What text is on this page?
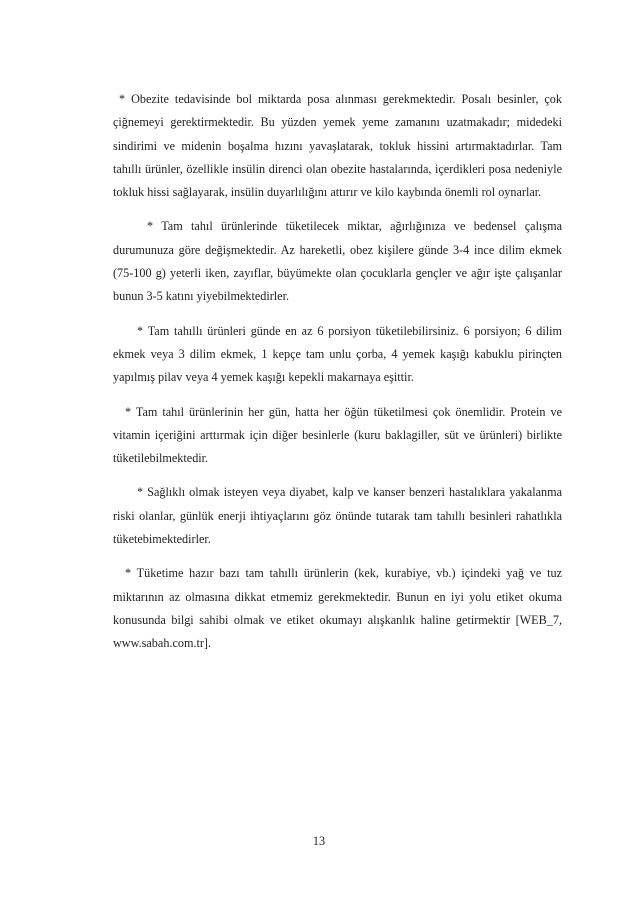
* Obezite tedavisinde bol miktarda posa alınması gerekmektedir. Posalı besinler, çok çiğnemeyi gerektirmektedir. Bu yüzden yemek yeme zamanını uzatmakadır; midedeki sindirimi ve midenin boşalma hızını yavaşlatarak, tokluk hissini artırmaktadırlar. Tam tahıllı ürünler, özellikle insülin direnci olan obezite hastalarında, içerdikleri posa nedeniyle tokluk hissi sağlayarak, insülin duyarlılığını attırır ve kilo kaybında önemli rol oynarlar.

* Tam tahıl ürünlerinde tüketilecek miktar, ağırlığınıza ve bedensel çalışma durumunuza göre değişmektedir. Az hareketli, obez kişilere günde 3-4 ince dilim ekmek (75-100 g) yeterli iken, zayıflar, büyümekte olan çocuklarla gençler ve ağır işte çalışanlar bunun 3-5 katını yiyebilmektedirler.

* Tam tahıllı ürünleri günde en az 6 porsiyon tüketilebilirsiniz. 6 porsiyon; 6 dilim ekmek veya 3 dilim ekmek, 1 kepçe tam unlu çorba, 4 yemek kaşığı kabuklu pirinçten yapılmış pilav veya 4 yemek kaşığı kepekli makarnaya eşittir.

* Tam tahıl ürünlerinin her gün, hatta her öğün tüketilmesi çok önemlidir. Protein ve vitamin içeriğini arttırmak için diğer besinlerle (kuru baklagiller, süt ve ürünleri) birlikte tüketilebilmektedir.

* Sağlıklı olmak isteyen veya diyabet, kalp ve kanser benzeri hastalıklara yakalanma riski olanlar, günlük enerji ihtiyaçlarını göz önünde tutarak tam tahıllı besinleri rahatlıkla tüketebimektedirler.

* Tüketime hazır bazı tam tahıllı ürünlerin (kek, kurabiye, vb.) içindeki yağ ve tuz miktarının az olmasına dikkat etmemiz gerekmektedir. Bunun en iyi yolu etiket okuma konusunda bilgi sahibi olmak ve etiket okumayı alışkanlık haline getirmektir [WEB_7, www.sabah.com.tr].

13
